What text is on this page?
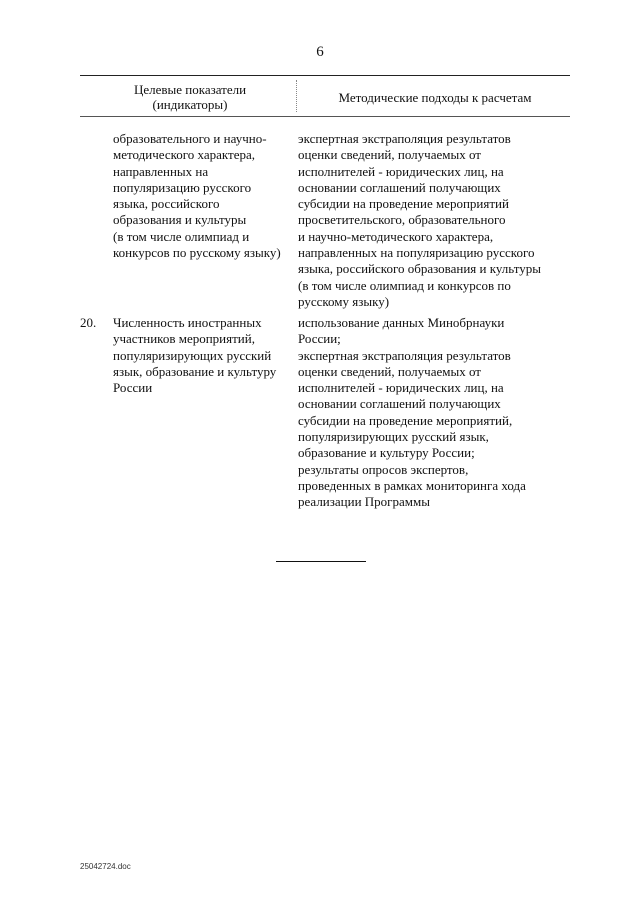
6
Целевые показатели
(индикаторы)	Методические подходы к расчетам
образовательного и научно-
методического характера,
направленных на
популяризацию русского
языка, российского
образования и культуры
(в том числе олимпиад и
конкурсов по русскому языку)
экспертная экстраполяция результатов
оценки сведений, получаемых от
исполнителей - юридических лиц, на
основании соглашений получающих
субсидии на проведение мероприятий
просветительского, образовательного
и научно-методического характера,
направленных на популяризацию русского
языка, российского образования и культуры
(в том числе олимпиад и конкурсов по
русскому языку)
20. Численность иностранных
участников мероприятий,
популяризирующих русский
язык, образование и культуру
России
использование данных Минобрнауки
России;
экспертная экстраполяция результатов
оценки сведений, получаемых от
исполнителей - юридических лиц, на
основании соглашений получающих
субсидии на проведение мероприятий,
популяризирующих русский язык,
образование и культуру России;
результаты опросов экспертов,
проведенных в рамках мониторинга хода
реализации Программы
25042724.doc
